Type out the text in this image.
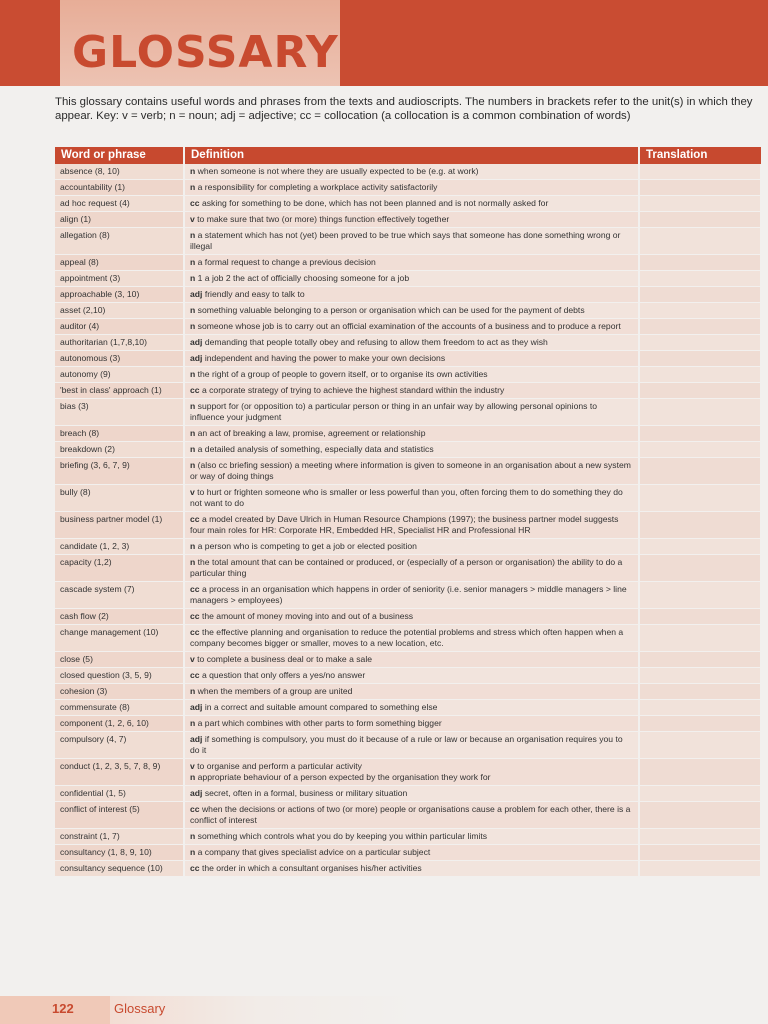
GLOSSARY

This glossary contains useful words and phrases from the texts and audioscripts. The numbers in brackets refer to the unit(s) in which they appear. Key: v = verb; n = noun; adj = adjective; cc = collocation (a collocation is a common combination of words)

Word or phrase	Definition	Translation
absence (8, 10)	n when someone is not where they are usually expected to be (e.g. at work)	
accountability (1)	n a responsibility for completing a workplace activity satisfactorily	
ad hoc request (4)	cc asking for something to be done, which has not been planned and is not normally asked for	
align (1)	v to make sure that two (or more) things function effectively together	
allegation (8)	n a statement which has not (yet) been proved to be true which says that someone has done something wrong or illegal	
appeal (8)	n a formal request to change a previous decision	
appointment (3)	n 1 a job 2 the act of officially choosing someone for a job	
approachable (3, 10)	adj friendly and easy to talk to	
asset (2,10)	n something valuable belonging to a person or organisation which can be used for the payment of debts	
auditor (4)	n someone whose job is to carry out an official examination of the accounts of a business and to produce a report	
authoritarian (1,7,8,10)	adj demanding that people totally obey and refusing to allow them freedom to act as they wish	
autonomous (3)	adj independent and having the power to make your own decisions	
autonomy (9)	n the right of a group of people to govern itself, or to organise its own activities	
'best in class' approach (1)	cc a corporate strategy of trying to achieve the highest standard within the industry	
bias (3)	n support for (or opposition to) a particular person or thing in an unfair way by allowing personal opinions to influence your judgment	
breach (8)	n an act of breaking a law, promise, agreement or relationship	
breakdown (2)	n a detailed analysis of something, especially data and statistics	
briefing (3, 6, 7, 9)	n (also cc briefing session) a meeting where information is given to someone in an organisation about a new system or way of doing things	
bully (8)	v to hurt or frighten someone who is smaller or less powerful than you, often forcing them to do something they do not want to do	
business partner model (1)	cc a model created by Dave Ulrich in Human Resource Champions (1997); the business partner model suggests four main roles for HR: Corporate HR, Embedded HR, Specialist HR and Professional HR	
candidate (1, 2, 3)	n a person who is competing to get a job or elected position	
capacity (1,2)	n the total amount that can be contained or produced, or (especially of a person or organisation) the ability to do a particular thing	
cascade system (7)	cc a process in an organisation which happens in order of seniority (i.e. senior managers > middle managers > line managers > employees)	
cash flow (2)	cc the amount of money moving into and out of a business	
change management (10)	cc the effective planning and organisation to reduce the potential problems and stress which often happen when a company becomes bigger or smaller, moves to a new location, etc.	
close (5)	v to complete a business deal or to make a sale	
closed question (3, 5, 9)	cc a question that only offers a yes/no answer	
cohesion (3)	n when the members of a group are united	
commensurate (8)	adj in a correct and suitable amount compared to something else	
component (1, 2, 6, 10)	n a part which combines with other parts to form something bigger	
compulsory (4, 7)	adj if something is compulsory, you must do it because of a rule or law or because an organisation requires you to do it	
conduct (1, 2, 3, 5, 7, 8, 9)	v to organise and perform a particular activity
n appropriate behaviour of a person expected by the organisation they work for	
confidential (1, 5)	adj secret, often in a formal, business or military situation	
conflict of interest (5)	cc when the decisions or actions of two (or more) people or organisations cause a problem for each other, there is a conflict of interest	
constraint (1, 7)	n something which controls what you do by keeping you within particular limits	
consultancy (1, 8, 9, 10)	n a company that gives specialist advice on a particular subject	
consultancy sequence (10)	cc the order in which a consultant organises his/her activities	
122	Glossary
